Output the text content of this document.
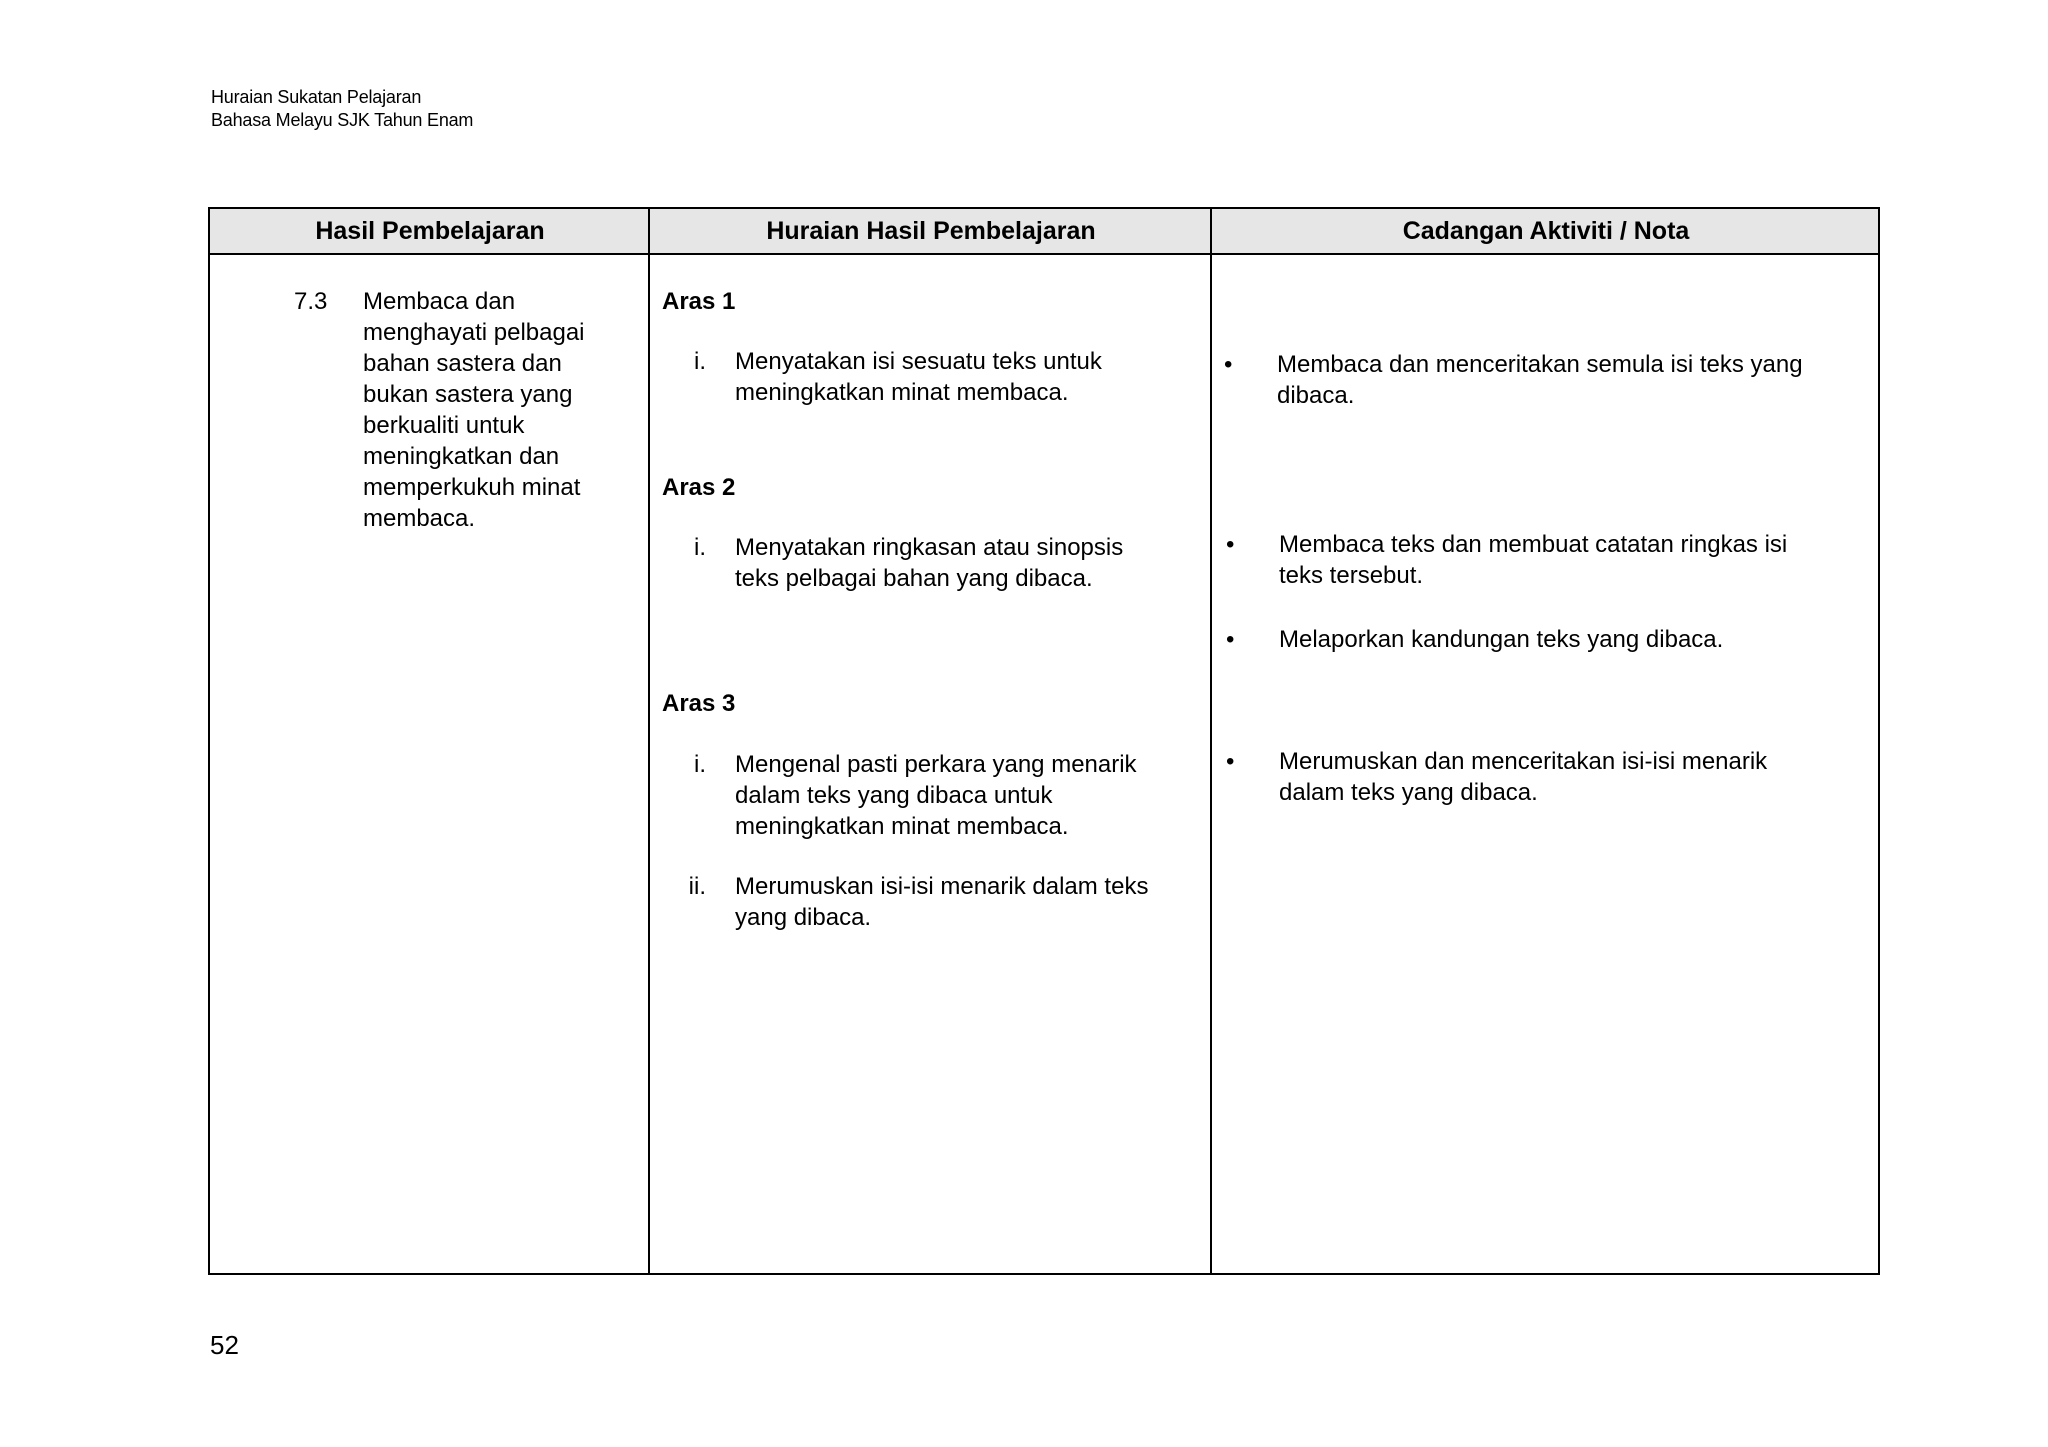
Huraian Sukatan Pelajaran
Bahasa Melayu SJK Tahun Enam
Hasil Pembelajaran	Huraian Hasil Pembelajaran	Cadangan Aktiviti / Nota
7.3 Membaca dan
menghayati pelbagai
bahan sastera dan
bukan sastera yang
berkualiti untuk
meningkatkan dan
memperkukuh minat
membaca.
Aras 1
i. Menyatakan isi sesuatu teks untuk
meningkatkan minat membaca.
Aras 2
i. Menyatakan ringkasan atau sinopsis
teks pelbagai bahan yang dibaca.
Aras 3
i. Mengenal pasti perkara yang menarik
dalam teks yang dibaca untuk
meningkatkan minat membaca.
ii. Merumuskan isi-isi menarik dalam teks
yang dibaca.
• Membaca dan menceritakan semula isi teks yang
dibaca.
• Membaca teks dan membuat catatan ringkas isi
teks tersebut.
• Melaporkan kandungan teks yang dibaca.
• Merumuskan dan menceritakan isi-isi menarik
dalam teks yang dibaca.
52
